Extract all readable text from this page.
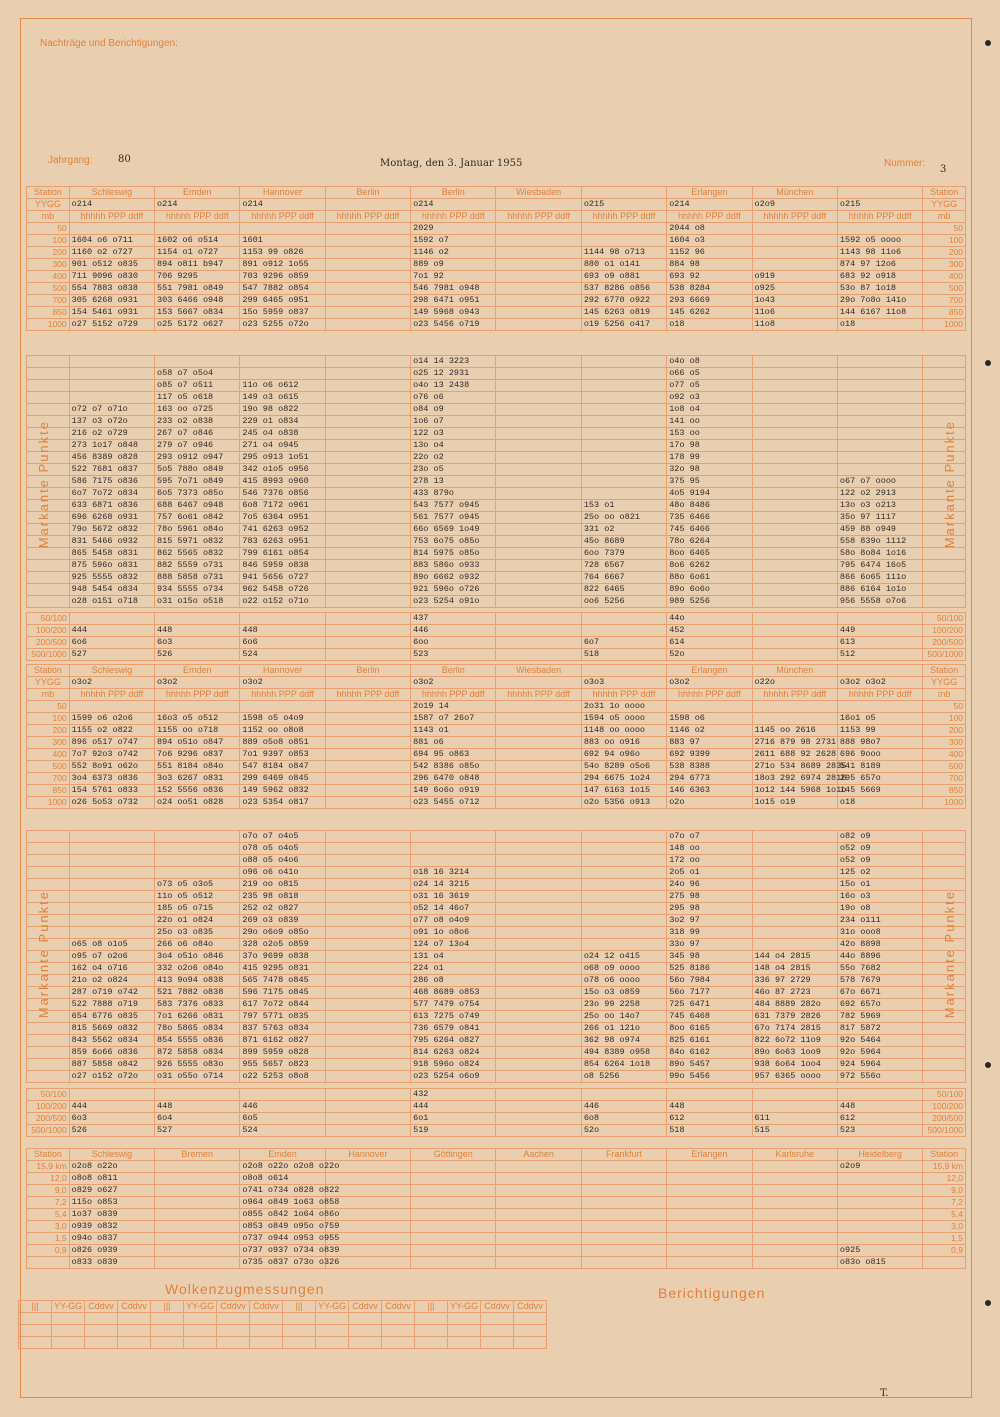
Nachträge und Berichtigungen:
Jahrgang:	80	Montag, den 3. Januar 1955	Nummer:
3
Station	Schleswig	Emden	Hannover	Berlin	Berlin	Wiesbaden		Erlangen	München		Station
YYGG	o214	o214	o214		o214		o215	o214	o2o9	o215	YYGG
mb	hhhhh PPP ddff	hhhhh PPP ddff	hhhhh PPP ddff	hhhhh PPP ddff	hhhhh PPP ddff	hhhhh PPP ddff	hhhhh PPP ddff	hhhhh PPP ddff	hhhhh PPP ddff	hhhhh PPP ddff	mb
50					2029			2044 o8			50
100	1604 o6 o711	1602 o6 o514	1601		1592 o7			1604 o3		1592 o5 oooo	100
200	1160 o2 o727	1154 o1 o727	1153 99 o826		1146 o2		1144 98 o713	1152 96		1143 98 11o6	200
300	901 o512 o835	894 o811 b947	891 o912 1o55		889 o9		880 o1 o141	884 98		874 97 12o6	300
400	711 9096 o830	706 9295	703 9296 o859		7o1 92		693 o9 o881	693 92	o919	683 92 o918	400
500	554 7883 o838	551 7981 o849	547 7882 o854		546 7981 o948		537 8286 o856	538 8284	o925	53o 87 1o18	500
700	305 6268 o931	303 6466 o948	299 6465 o951		298 6471 o951		292 6770 o922	293 6669	1o43	29o 7o8o 141o	700
850	154 5461 o931	153 5667 o834	15o 5959 o837		149 5968 o943		145 6263 o819	145 6262	11o6	144 6167 11o8	850
1000	o27 5152 o729	o25 5172 o627	o23 5255 o72o		o23 5456 o719		o19 5256 o417	o18	11o8	o18	1000
					o14 14 3223			o4o o8			
		o58 o7 o5o4			o25 12 2931			o66 o5			
		o85 o7 o511	11o o6 o612		o4o 13 2438			o77 o5			
		117 o5 o618	149 o3 o615		o76 o6			o92 o3			
	o72 o7 o71o	163 oo o725	19o 98 o822		o84 o9			1o8 o4			
	137 o3 o72o	233 o2 o838	229 o1 o834		1o6 o7			141 oo			
	216 o2 o729	267 o7 o846	245 o4 o838		122 o3			153 oo			
	273 1o17 o848	279 o7 o946	271 o4 o945		13o o4			17o 98			
	456 8389 o828	293 o912 o947	295 o913 1o51		22o o2			178 99			
	522 7681 o837	5o5 788o o849	342 o1o5 o956		23o o5			32o 98			
	586 7175 o836	595 7o71 o849	415 8993 o960		278 13			375 95		o67 o7 oooo	
	6o7 7o72 o834	6o5 7373 o85o	546 7376 o856		433 879o			4o5 9194		122 o2 2913	
	633 6871 o836	688 6467 o948	6o8 7172 o961		543 7577 o945		153 o1	48o 8486		13o o3 o213	
	696 6268 o931	757 6o61 o842	7o5 6364 o951		561 7577 o945		25o oo o821	735 6466		35o 97 1117	
	79o 5672 o832	78o 5961 o84o	741 6263 o952		66o 6569 1o49		331 o2	745 6466		459 88 o949	
	831 5466 o932	815 5971 o832	783 6263 o951		753 6o75 o85o		45o 8689	78o 6264		558 839o 1112	
	865 5458 o831	862 5565 o832	799 6161 o854		814 5975 o85o		6oo 7379	8oo 6465		58o 8o84 1o16	
	875 596o o831	882 5559 o731	846 5959 o838		883 586o o933		728 6567	8o6 6262		795 6474 16o5	
	925 5555 o832	888 5858 o731	941 5656 o727		89o 6662 o932		764 6667	88o 6o61		866 6o65 111o	
	948 5454 o834	934 5555 o734	962 5458 o726		921 596o o726		822 6465	89o 6o6o		886 6164 1o1o	
	o28 o151 o718	o31 o15o o518	o22 o152 o71o		o23 5254 o91o		oo6 5256	989 5256		956 5558 o7o6	
50/100					437			44o			50/100
100/200	444	448	448		446			452		449	100/200
200/500	6o6	6o3	6o6		6oo		6o7	614		613	200/500
500/1000	527	526	524		523		518	52o		512	500/1000
Station	Schleswig	Emden	Hannover	Berlin	Berlin	Wiesbaden		Erlangen	München		Station
YYGG	o3o2	o3o2	o3o2		o3o2		o3o3	o3o2	o22o	o3o2 o3o2	YYGG
mb	hhhhh PPP ddff	hhhhh PPP ddff	hhhhh PPP ddff	hhhhh PPP ddff	hhhhh PPP ddff	hhhhh PPP ddff	hhhhh PPP ddff	hhhhh PPP ddff	hhhhh PPP ddff	hhhhh PPP ddff	mb
50					2o19 14		2o31 1o oooo				50
100	1599 o6 o2o6	16o3 o5 o512	1598 o5 o4o9		1587 o7 26o7		1594 o5 oooo	1598 o6		16o1 o5	100
200	1155 o2 o822	1155 oo o718	1152 oo o8o8		1143 o1		1148 oo oooo	1146 o2	1145 oo 2616	1153 99	200
300	896 o517 o747	894 o51o o847	889 o5o8 o851		881 o6		883 oo o916	883 97	2716 879 98 2731	888 98o7	300
400	7o7 92o3 o742	7o6 9296 o837	7o1 9397 o853		694 95 o863		692 94 o96o	692 9399	2611 688 92 2628	696 9ooo	400
500	552 8o91 o62o	551 8184 o84o	547 8184 o847		542 8386 o85o		54o 8289 o5o6	538 8388	271o 534 8689 2835	541 8189	500
700	3o4 6373 o836	3o3 6267 o831	299 6469 o845		296 6470 o848		294 6675 1o24	294 6773	18o3 292 6974 2816	295 657o	700
850	154 5761 o833	152 5556 o836	149 5962 o832		149 6o6o o919		147 6163 1o15	146 6363	1o12 144 5968 1o1o	145 5669	850
1000	o26 5o53 o732	o24 oo51 o828	o23 5354 o817		o23 5455 o712		o2o 5356 o913	o2o	1o15 o19	o18	1000
			o7o o7 o4o5					o7o o7		o82 o9	
			o78 o5 o4o5					148 oo		o52 o9	
			o88 o5 o4o6					172 oo		o52 o9	
			o96 o6 o41o		o18 16 3214			2o5 o1		125 o2	
		o73 o5 o3o5	219 oo o815		o24 14 3215			24o 96		15o o1	
		11o o5 o512	235 98 o818		o31 16 3619			275 98		16o o3	
		185 o5 o715	252 o2 o827		o52 14 46o7			295 98		19o o8	
		22o o1 o824	269 o3 o839		o77 o8 o4o9			3o2 97		234 o111	
		25o o3 o835	29o o6o9 o85o		o91 1o o8o6			318 99		31o ooo8	
	o65 o8 o1o5	266 o6 o84o	328 o2o5 o859		124 o7 13o4			33o 97		42o 8898	
	o95 o7 o2o6	3o4 o51o o846	37o 9699 o838		131 o4		o24 12 o415	345 98	144 o4 2815	44o 8896	
	162 o4 o716	332 o2o6 o84o	415 9295 o831		224 o1		o68 o9 oooo	525 8186	148 o4 2815	55o 7682	
	21o o2 o824	413 9o94 o838	565 7478 o845		286 o8		o78 o6 oooo	56o 7984	336 97 2729	578 7679	
	287 o719 o742	521 7882 o838	596 7175 o845		468 8689 o853		15o o3 o859	56o 7177	46o 87 2723	67o 6671	
	522 7888 o719	583 7376 o833	617 7o72 o844		577 7479 o754		23o 99 2258	725 6471	484 8889 282o	692 657o	
	654 6776 o835	7o1 6266 o831	797 5771 o835		613 7275 o749		25o oo 14o7	745 6468	631 7379 2826	782 5969	
	815 5669 o832	78o 5865 o834	837 5763 o834		736 6579 o841		266 o1 121o	8oo 6165	67o 7174 2815	817 5872	
	843 5562 o834	854 5555 o836	871 6162 o827		795 6264 o827		362 98 o974	825 6161	822 6o72 11o9	92o 5464	
	859 6o66 o836	872 5858 o834	899 5959 o828		814 6263 o824		494 8389 o958	84o 6162	89o 6o63 1oo9	92o 5964	
	887 5858 o842	926 5555 o83o	955 5657 o823		918 596o o824		854 6264 1o18	89o 5457	938 6o64 1oo4	924 5964	
	o27 o152 o72o	o31 o55o o714	o22 5253 o8o8		o23 5254 o6o9		o8 5256	99o 5456	957 6365 oooo	972 556o	
50/100					432						50/100
100/200	444	448	446		444		446	448		448	100/200
200/500	6o3	6o4	6o5		6o1		6o8	612	611	612	200/500
500/1000	526	527	524		519		52o	518	515	523	500/1000
Station	Schleswig	Bremen	Emden	Hannover	Göttingen	Aachen	Frankfurt	Erlangen	Karlsruhe	Heidelberg	Station
15,9 km	o2o8 o22o		o2o8 o22o o2o8 o22o							o2o9	15,9 km
12,0	o8o8 o811		o8o8 o614								12,0
9,0	o829 o627		o741 o734 o828 o822								9,0
7,2	115o o853		o964 o849 1o63 o858								7,2
5,4	1o37 o839		o855 o842 1o64 o86o								5,4
3,0	o939 o832		o853 o849 o95o o759								3,0
1,5	o94o o837		o737 o944 o953 o955								1,5
0,9	o826 o939		o737 o937 o734 o839							o925	0,9
	o833 o839		o735 o837 o73o o326							o83o o815	
Markante Punkte	Markante Punkte
Markante Punkte	Markante Punkte
Wolkenzugmessungen	Berichtigungen
|||	YY-GG	Cddvv	Cddvv	|||	YY-GG	Cddvv	Cddvv	|||	YY-GG	Cddvv	Cddvv	|||	YY-GG	Cddvv	Cddvv

T.
